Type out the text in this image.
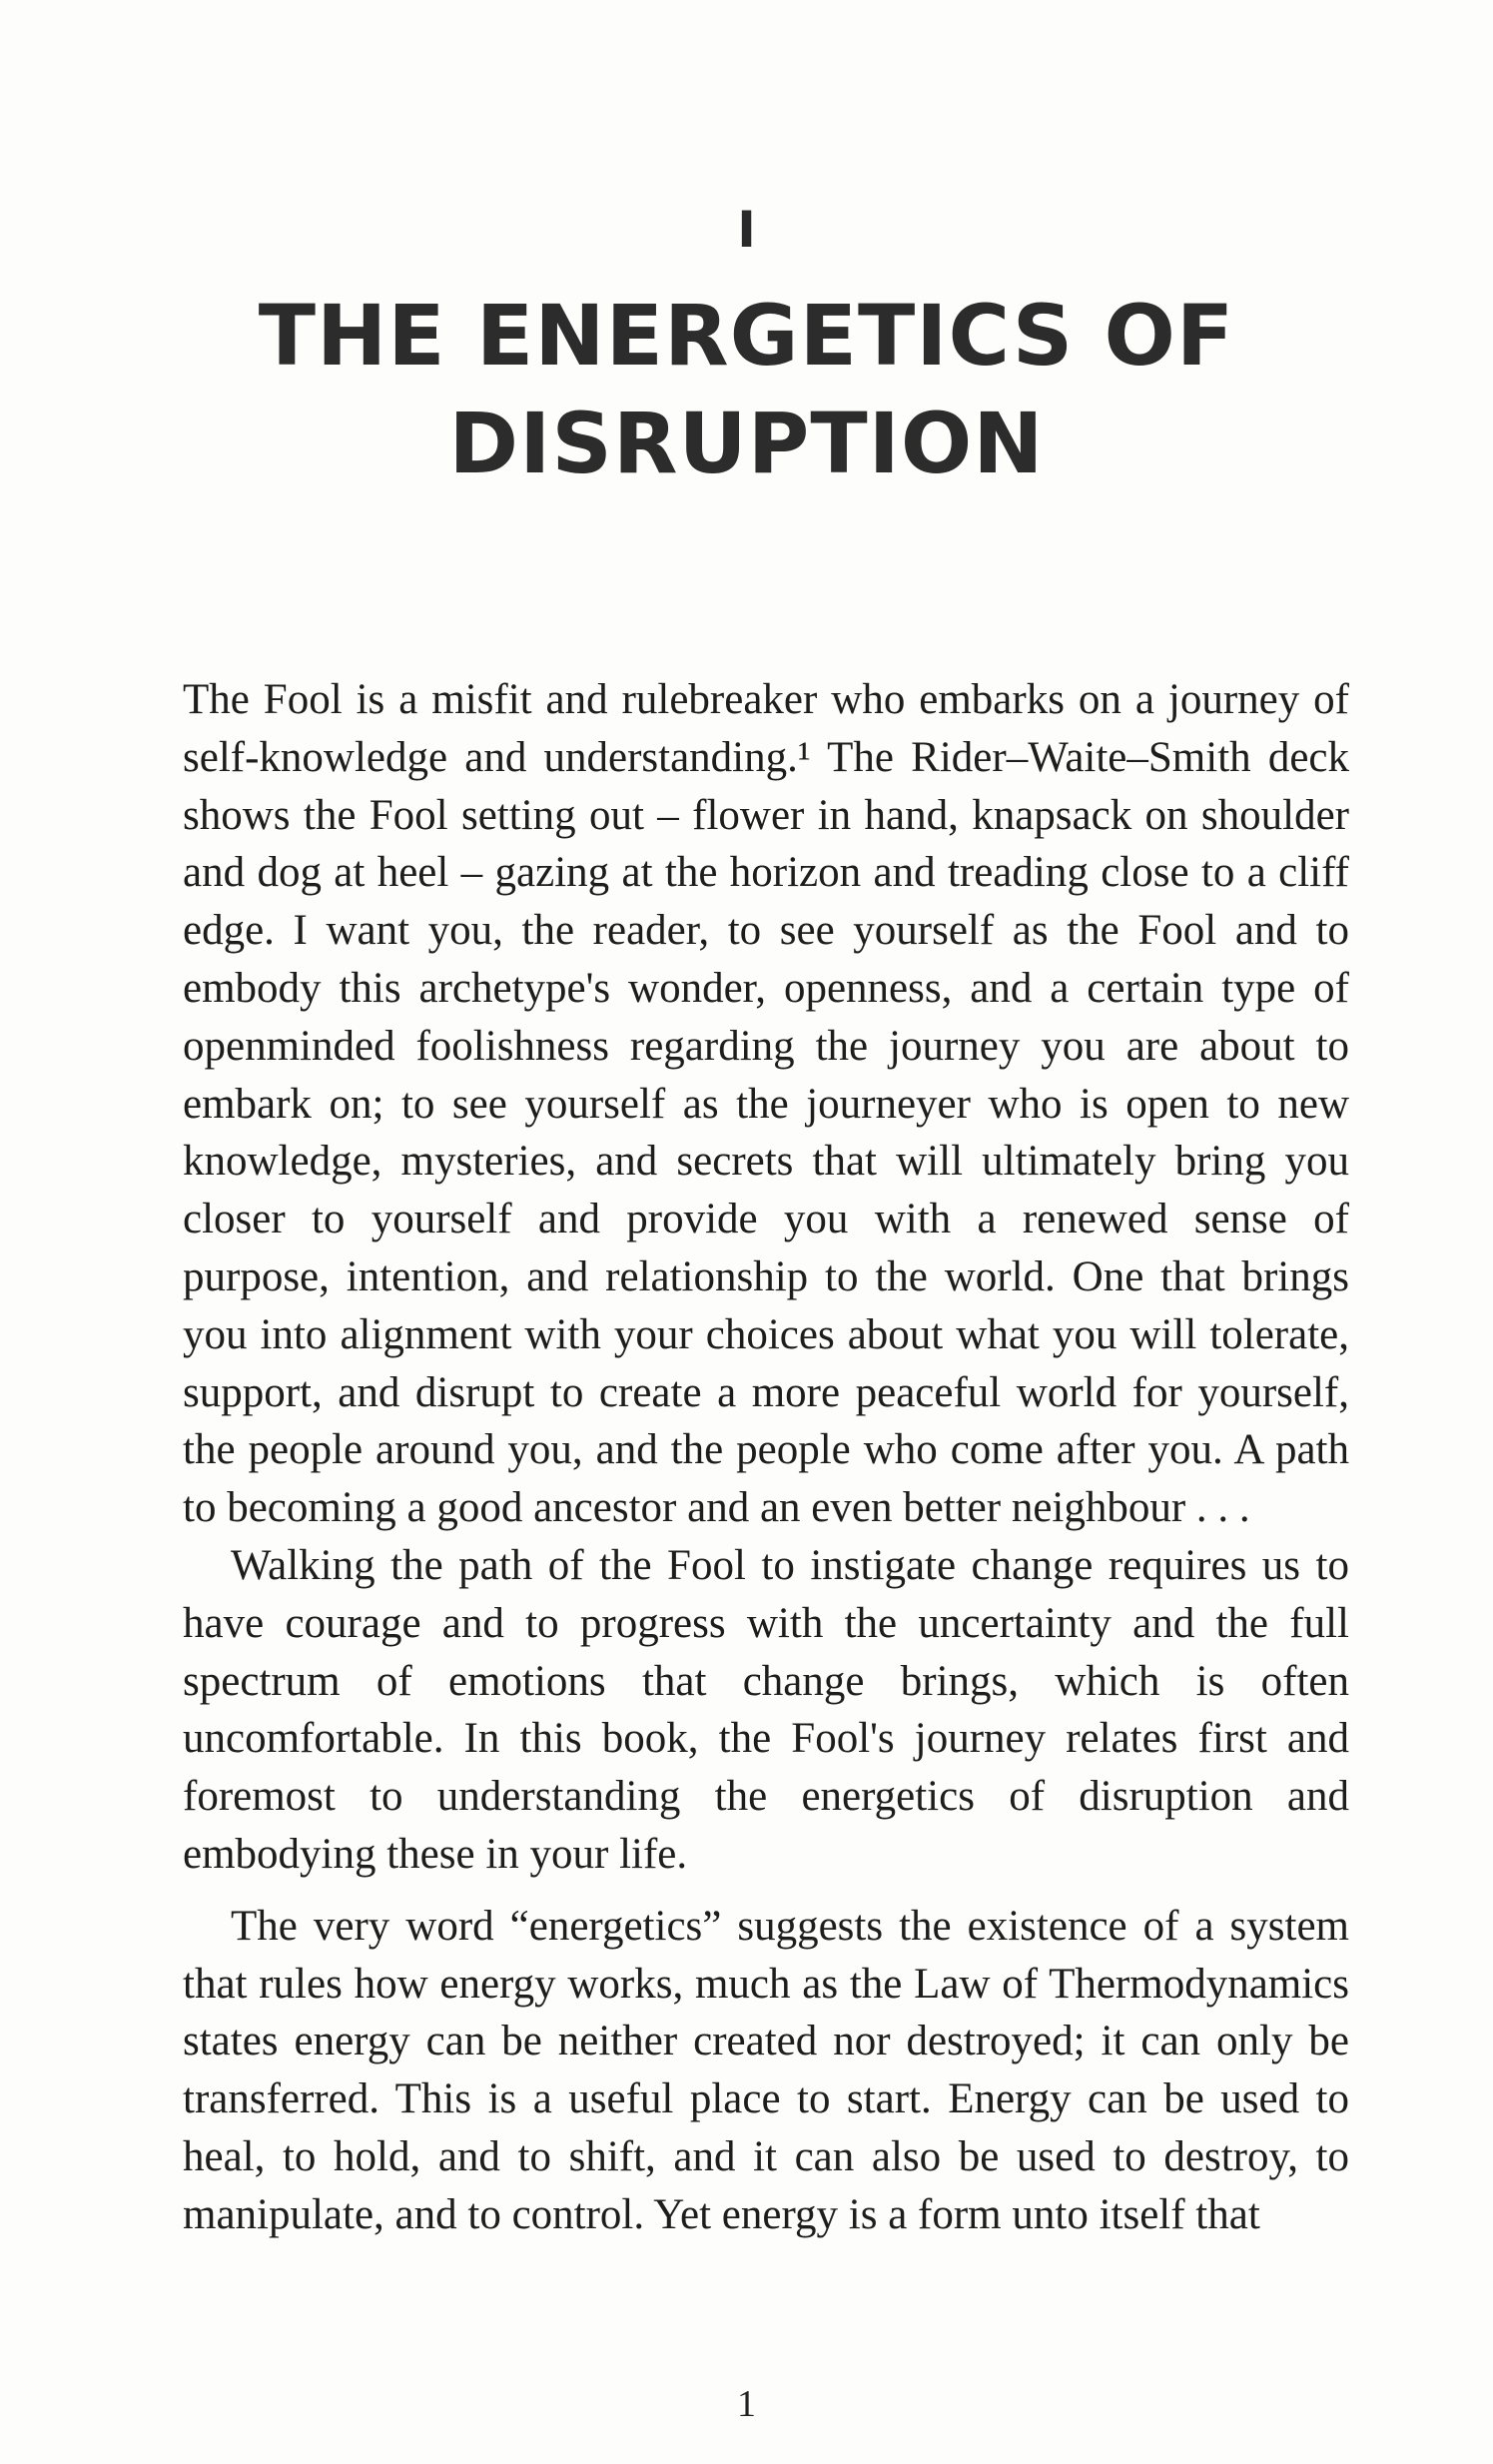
I
THE ENERGETICS OF
DISRUPTION

The Fool is a misfit and rulebreaker who embarks on a journey of self-knowledge and understanding.¹ The Rider–Waite–Smith deck shows the Fool setting out – flower in hand, knapsack on shoulder and dog at heel – gazing at the horizon and treading close to a cliff edge. I want you, the reader, to see yourself as the Fool and to embody this archetype's wonder, openness, and a certain type of openminded foolishness regarding the journey you are about to embark on; to see yourself as the journeyer who is open to new knowledge, mysteries, and secrets that will ultimately bring you closer to yourself and provide you with a renewed sense of purpose, intention, and relationship to the world. One that brings you into alignment with your choices about what you will tolerate, support, and disrupt to create a more peaceful world for yourself, the people around you, and the people who come after you. A path to becoming a good ancestor and an even better neighbour . . .

Walking the path of the Fool to instigate change requires us to have courage and to progress with the uncertainty and the full spectrum of emotions that change brings, which is often uncomfortable. In this book, the Fool's journey relates first and foremost to understanding the energetics of disruption and embodying these in your life.

The very word “energetics” suggests the existence of a system that rules how energy works, much as the Law of Thermodynamics states energy can be neither created nor destroyed; it can only be transferred. This is a useful place to start. Energy can be used to heal, to hold, and to shift, and it can also be used to destroy, to manipulate, and to control. Yet energy is a form unto itself that

1
